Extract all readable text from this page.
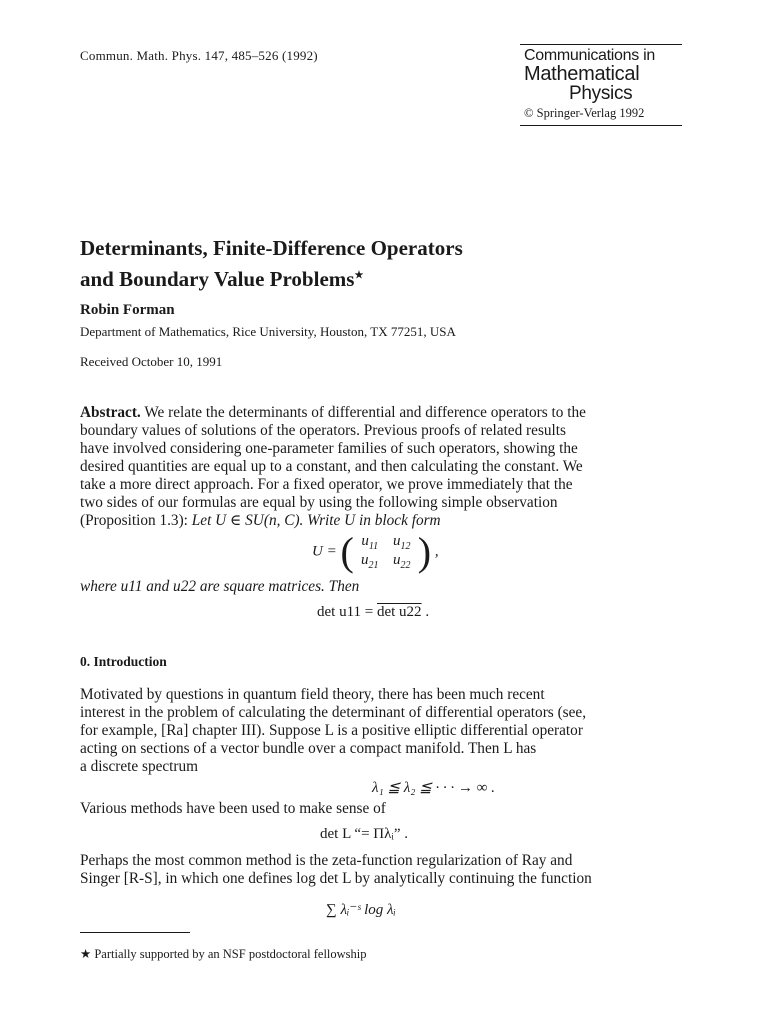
Commun. Math. Phys. 147, 485–526 (1992)	Communications in
Mathematical
Physics
© Springer-Verlag 1992
Determinants, Finite-Difference Operators
and Boundary Value Problems★
Robin Forman
Department of Mathematics, Rice University, Houston, TX 77251, USA
Received October 10, 1991
Abstract. We relate the determinants of differential and difference operators to the
boundary values of solutions of the operators. Previous proofs of related results
have involved considering one-parameter families of such operators, showing the
desired quantities are equal up to a constant, and then calculating the constant. We
take a more direct approach. For a fixed operator, we prove immediately that the
two sides of our formulas are equal by using the following simple observation
(Proposition 1.3): Let U ∈ SU(n, C). Write U in block form
U = ( $u_{11}$ $u_{12}$
$u_{21}$ $u_{22}$ ) ,
where u11 and u22 are square matrices. Then
det u11 = det u22 .
0. Introduction
Motivated by questions in quantum field theory, there has been much recent
interest in the problem of calculating the determinant of differential operators (see,
for example, [Ra] chapter III). Suppose L is a positive elliptic differential operator
acting on sections of a vector bundle over a compact manifold. Then L has
a discrete spectrum
λ₁ ≦ λ₂ ≦ · · · → ∞ .
Various methods have been used to make sense of
det L “= Πλᵢ” .
Perhaps the most common method is the zeta-function regularization of Ray and
Singer [R-S], in which one defines log det L by analytically continuing the function
∑ λᵢ⁻ˢ log λᵢ
★ Partially supported by an NSF postdoctoral fellowship
